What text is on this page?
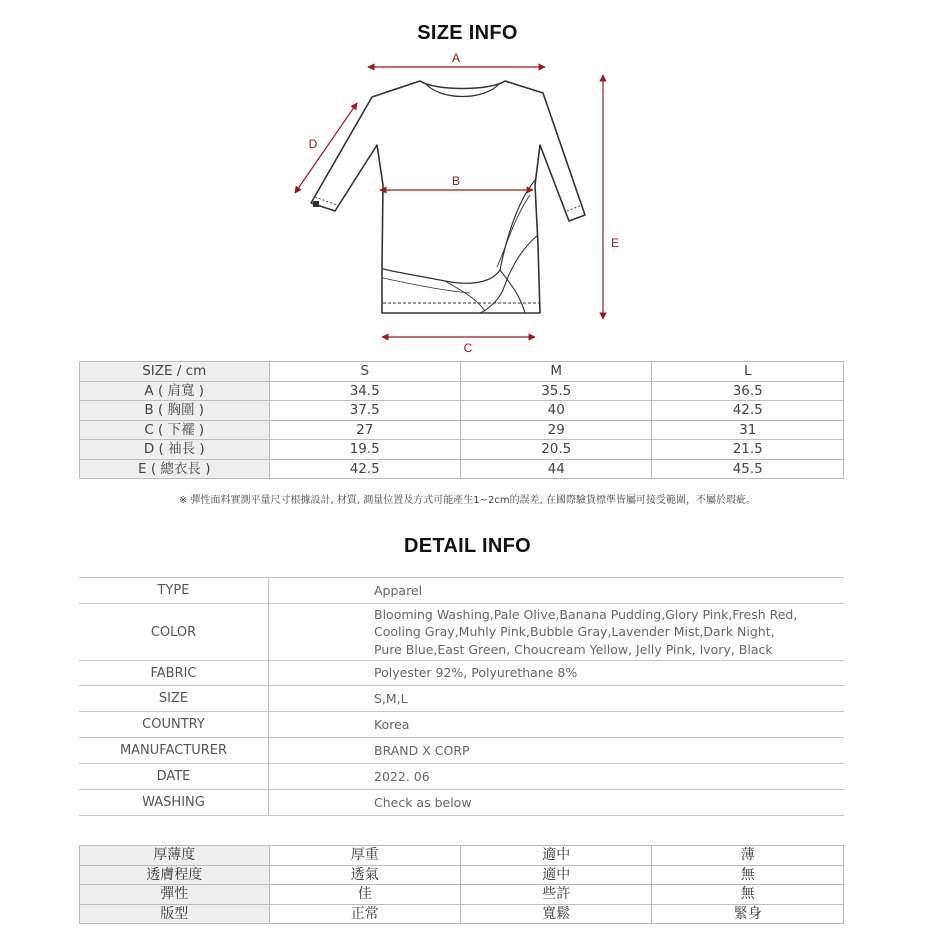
SIZE INFO
A
B
C
D
E
SIZE / cm	S	M	L
A ( 肩寬 )	34.5	35.5	36.5
B ( 胸圍 )	37.5	40	42.5
C ( 下襬 )	27	29	31
D ( 袖長 )	19.5	20.5	21.5
E ( 總衣長 )	42.5	44	45.5
※ 彈性面料實測平量尺寸根據設計, 材質, 測量位置及方式可能產生1~2cm的誤差, 在國際驗貨標準皆屬可接受範圍，不屬於瑕疵。
DETAIL INFO
TYPE	Apparel
COLOR	Blooming Washing,Pale Olive,Banana Pudding,Glory Pink,Fresh Red,
Cooling Gray,Muhly Pink,Bubble Gray,Lavender Mist,Dark Night,
Pure Blue,East Green, Choucream Yellow, Jelly Pink, Ivory, Black

FABRIC	Polyester 92%, Polyurethane 8%
SIZE	S,M,L
COUNTRY	Korea
MANUFACTURER	BRAND X CORP
DATE	2022. 06
WASHING	Check as below
厚薄度	厚重	適中	薄
透膚程度	透氣	適中	無
彈性	佳	些許	無
版型	正常	寬鬆	緊身
